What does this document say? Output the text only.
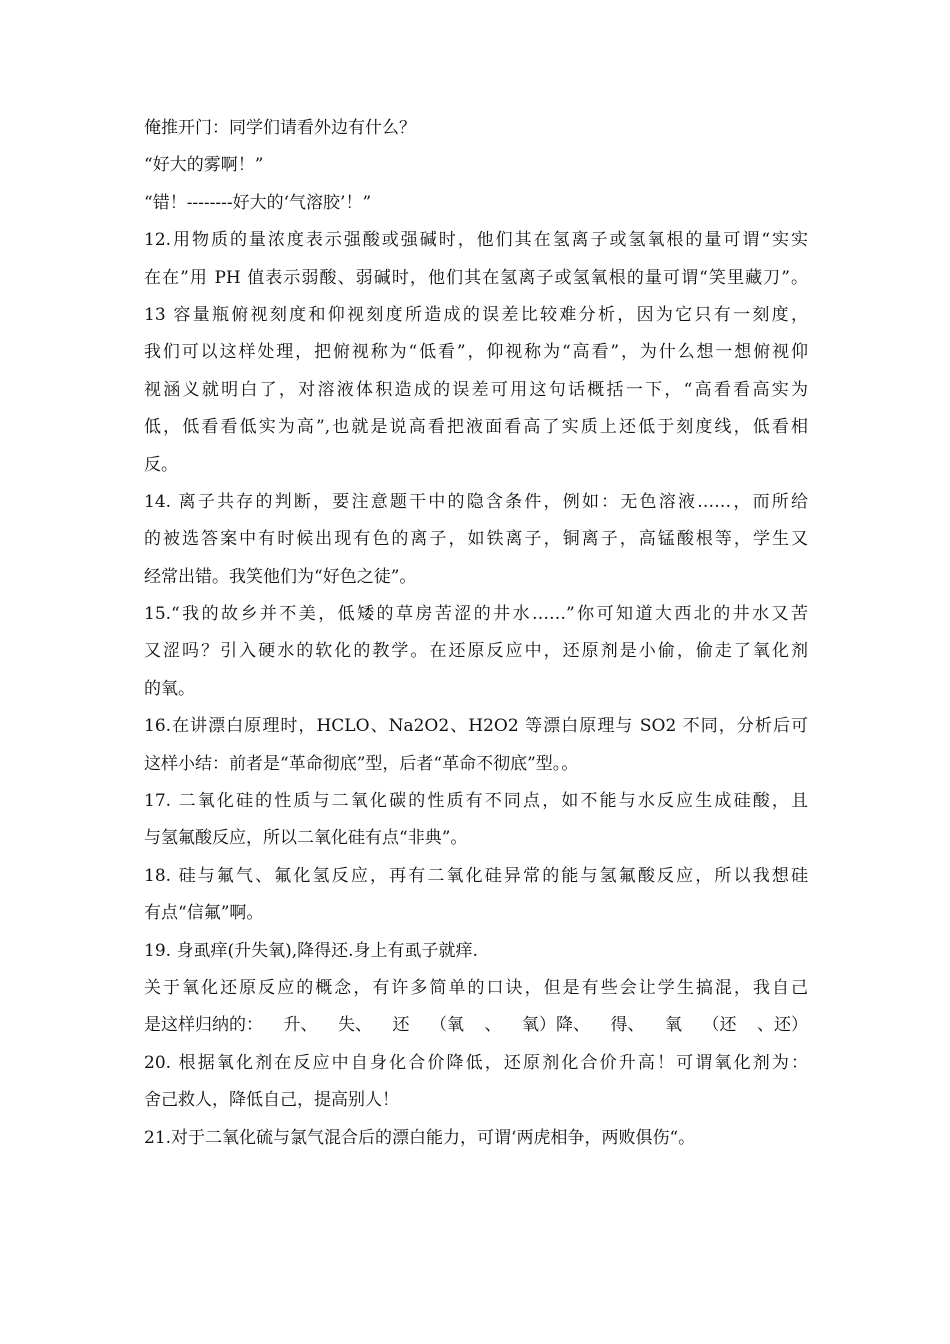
俺推开门：同学们请看外边有什么？
“好大的雾啊！”
“错！--------好大的‘气溶胶’！”
12.用物质的量浓度表示强酸或强碱时，他们其在氢离子或氢氧根的量可谓“实实
在在”用 PH 值表示弱酸、弱碱时，他们其在氢离子或氢氧根的量可谓“笑里藏刀”。
13 容量瓶俯视刻度和仰视刻度所造成的误差比较难分析，因为它只有一刻度，
我们可以这样处理，把俯视称为“低看”，仰视称为“高看”，为什么想一想俯视仰
视涵义就明白了，对溶液体积造成的误差可用这句话概括一下，“高看看高实为
低，低看看低实为高”,也就是说高看把液面看高了实质上还低于刻度线，低看相
反。
14. 离子共存的判断，要注意题干中的隐含条件，例如：无色溶液……，而所给
的被选答案中有时候出现有色的离子，如铁离子，铜离子，高锰酸根等，学生又
经常出错。我笑他们为“好色之徒”。
15.“我的故乡并不美，低矮的草房苦涩的井水……”你可知道大西北的井水又苦
又涩吗？引入硬水的软化的教学。在还原反应中，还原剂是小偷，偷走了氧化剂
的氧。
16.在讲漂白原理时，HCLO、Na2O2、H2O2 等漂白原理与 SO2 不同，分析后可
这样小结：前者是“革命彻底”型，后者“革命不彻底”型。。
17. 二氧化硅的性质与二氧化碳的性质有不同点，如不能与水反应生成硅酸，且
与氢氟酸反应，所以二氧化硅有点“非典”。
18. 硅与氟气、氟化氢反应，再有二氧化硅异常的能与氢氟酸反应，所以我想硅
有点“信氟”啊。
19. 身虱痒(升失氧),降得还.身上有虱子就痒.
关于氧化还原反应的概念，有许多简单的口诀，但是有些会让学生搞混，我自己
是这样归纳的： 升、 失、 还 （氧 、 氧）降、 得、 氧 （还 、还）
20. 根据氧化剂在反应中自身化合价降低，还原剂化合价升高！可谓氧化剂为：
舍己救人，降低自己，提高别人！
21.对于二氧化硫与氯气混合后的漂白能力，可谓‘两虎相争，两败俱伤“。
